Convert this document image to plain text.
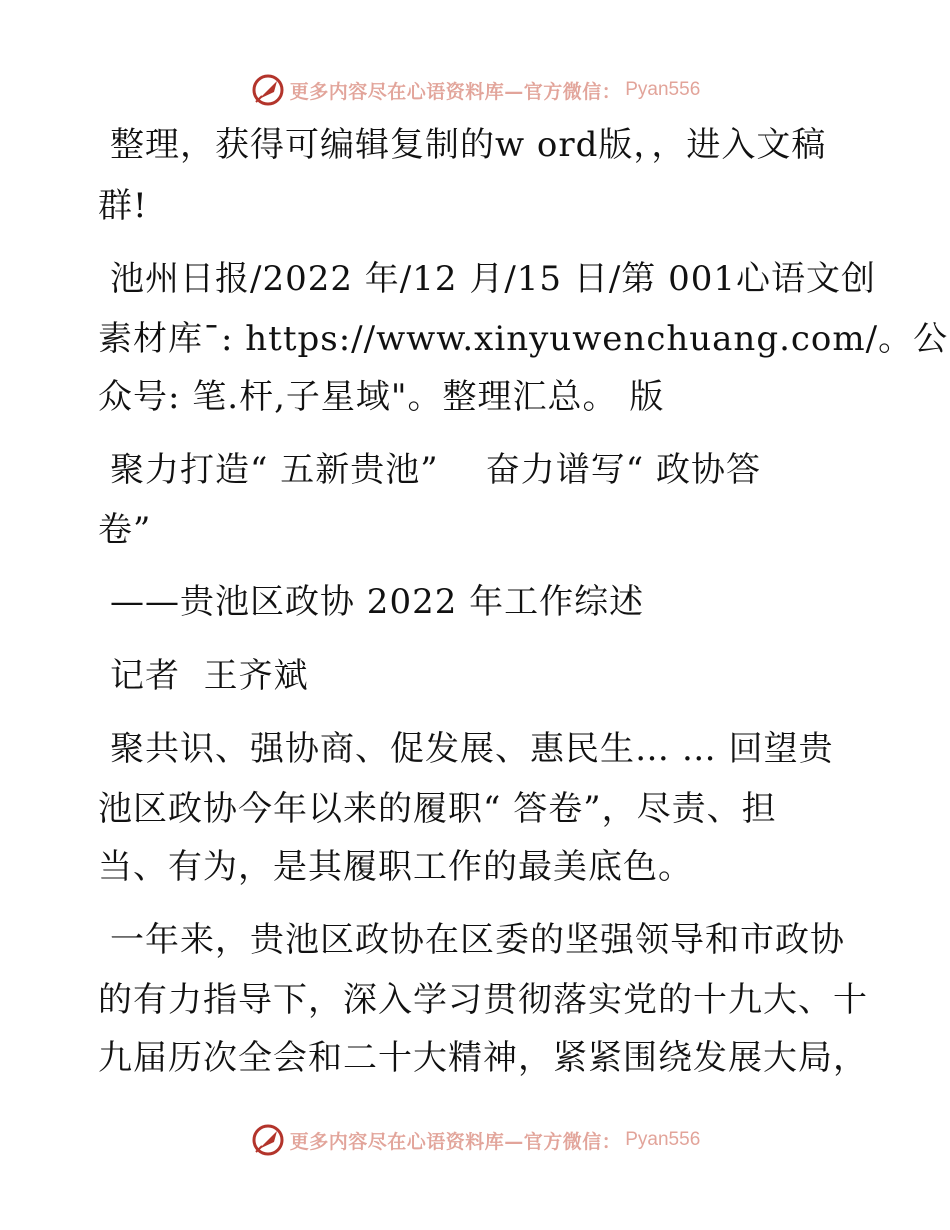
更多内容尽在心语资料库—官方微信： Pyan556
整理，获得可编辑复制的w ord版，，进入文稿
群!
池州日报/2022 年/12 月/15 日/第 001心语文创
素材库¯: https://www.xinyuwenchuang.com/。公
众号: 笔.杆,子星域"。整理汇总。 版
聚力打造“ 五新贵池”    奋力谱写“ 政协答
卷”
——贵池区政协 2022 年工作综述
记者  王齐斌
聚共识、强协商、促发展、惠民生… … 回望贵
池区政协今年以来的履职“ 答卷”，尽责、担
当、有为，是其履职工作的最美底色。
一年来，贵池区政协在区委的坚强领导和市政协
的有力指导下，深入学习贯彻落实党的十九大、十
九届历次全会和二十大精神，紧紧围绕发展大局，
更多内容尽在心语资料库—官方微信： Pyan556
